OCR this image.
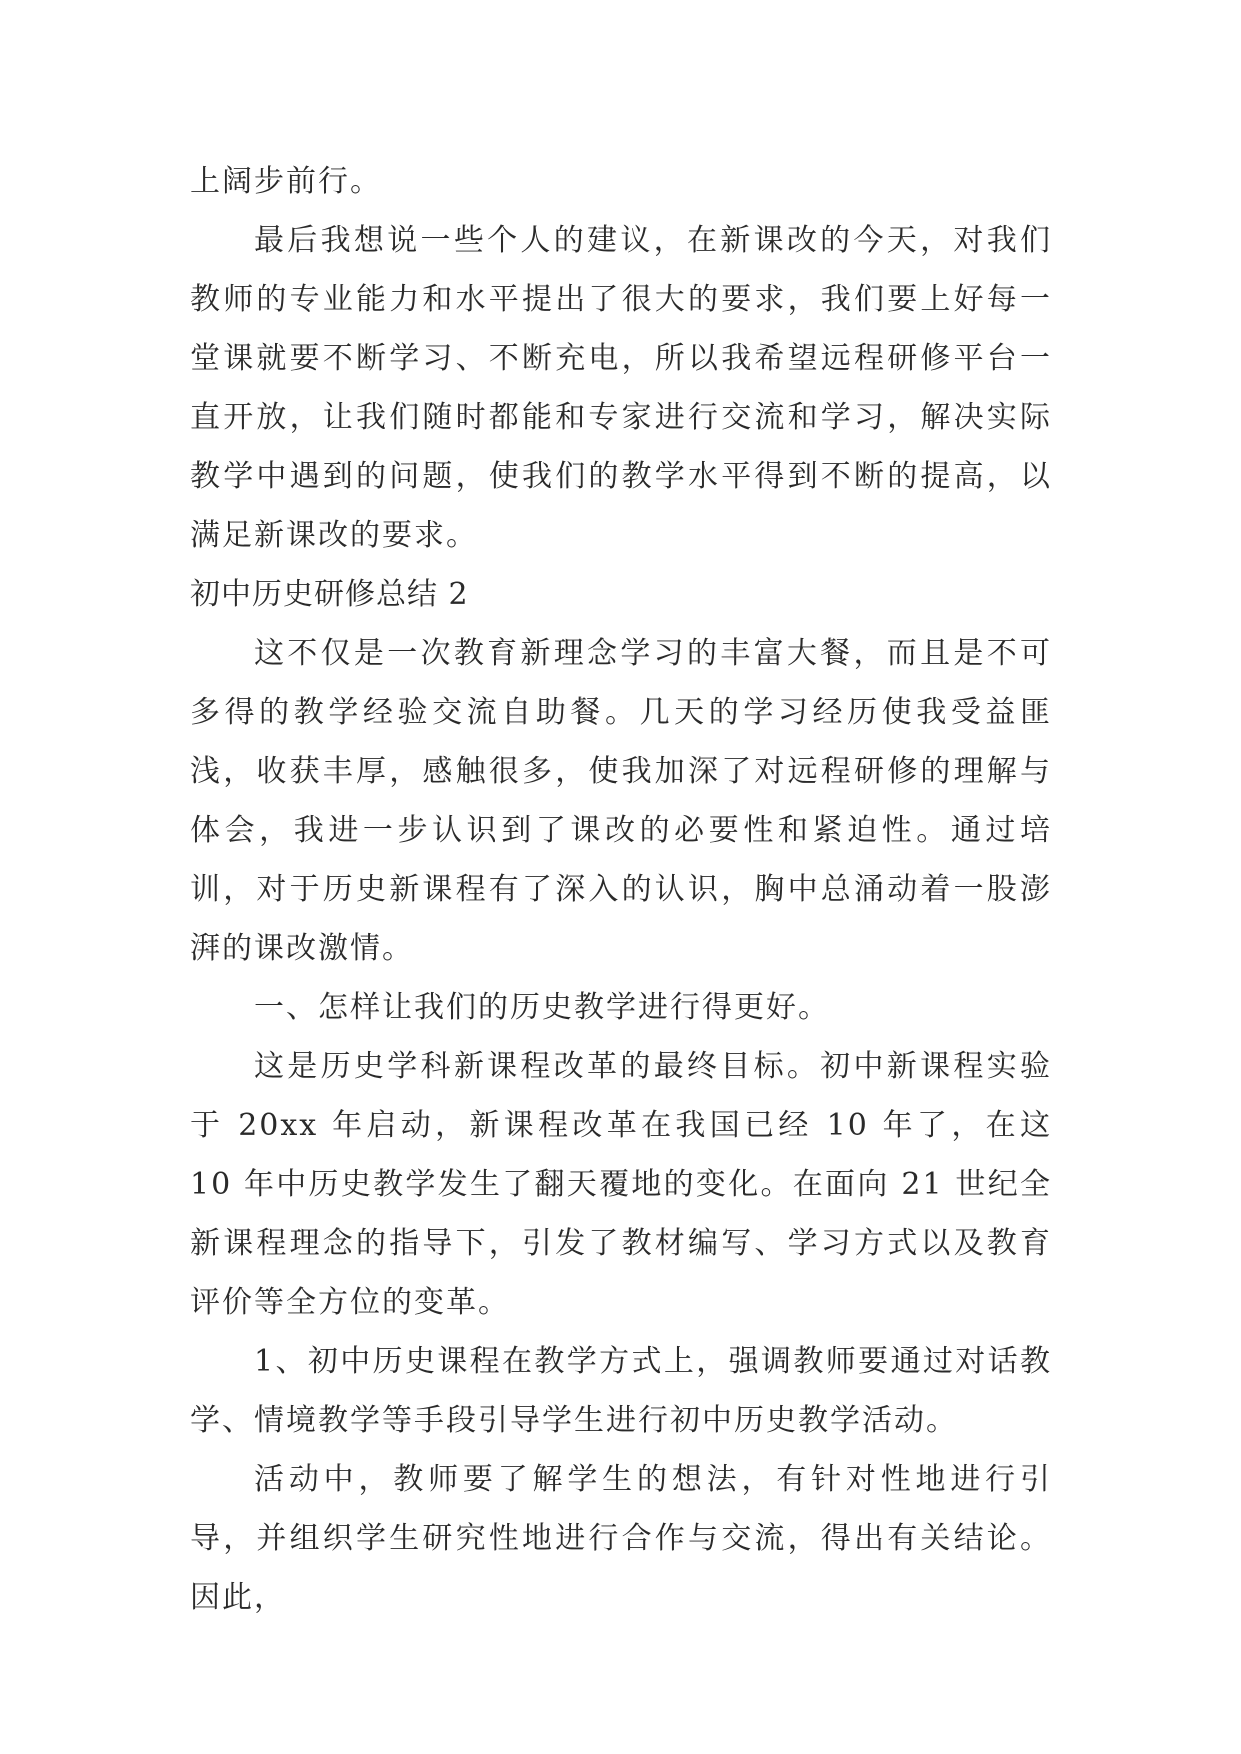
上阔步前行。

最后我想说一些个人的建议，在新课改的今天，对我们教师的专业能力和水平提出了很大的要求，我们要上好每一堂课就要不断学习、不断充电，所以我希望远程研修平台一直开放，让我们随时都能和专家进行交流和学习，解决实际教学中遇到的问题，使我们的教学水平得到不断的提高，以满足新课改的要求。

初中历史研修总结 2

这不仅是一次教育新理念学习的丰富大餐，而且是不可多得的教学经验交流自助餐。几天的学习经历使我受益匪浅，收获丰厚，感触很多，使我加深了对远程研修的理解与体会，我进一步认识到了课改的必要性和紧迫性。通过培训，对于历史新课程有了深入的认识，胸中总涌动着一股澎湃的课改激情。

一、怎样让我们的历史教学进行得更好。

这是历史学科新课程改革的最终目标。初中新课程实验于 20xx 年启动，新课程改革在我国已经 10 年了，在这 10 年中历史教学发生了翻天覆地的变化。在面向 21 世纪全新课程理念的指导下，引发了教材编写、学习方式以及教育评价等全方位的变革。

1、初中历史课程在教学方式上，强调教师要通过对话教学、情境教学等手段引导学生进行初中历史教学活动。

活动中，教师要了解学生的想法，有针对性地进行引导，并组织学生研究性地进行合作与交流，得出有关结论。因此，
